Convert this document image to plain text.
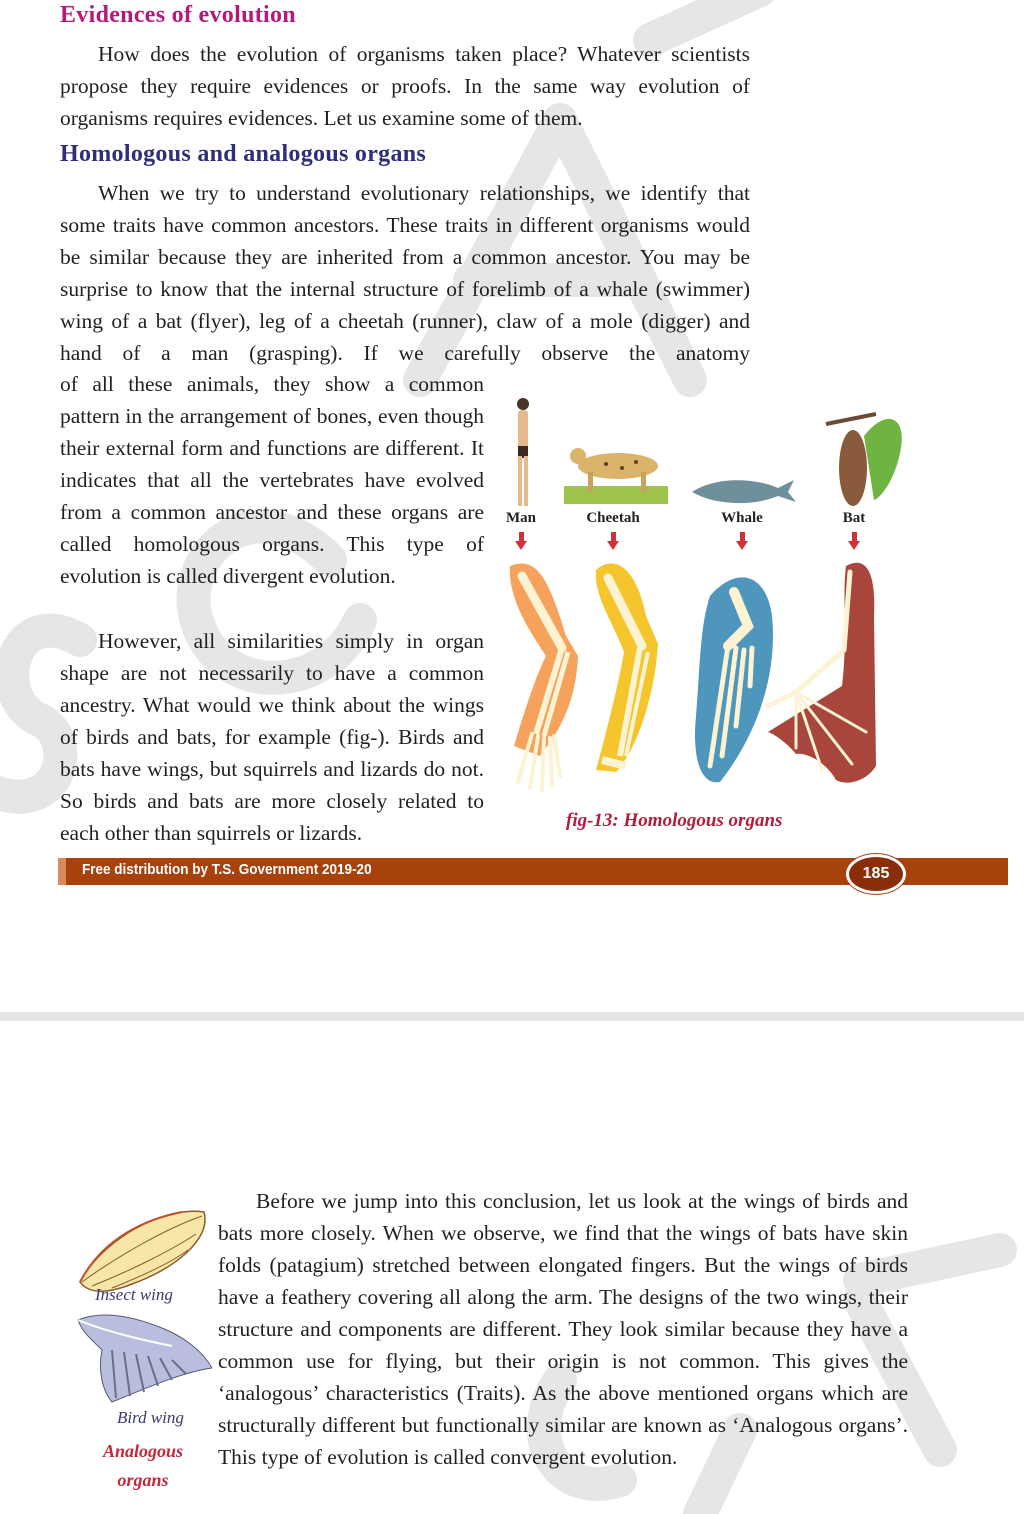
Evidences of evolution

How does the evolution of organisms taken place? Whatever scientists propose they require evidences or proofs. In the same way evolution of organisms requires evidences. Let us examine some of them.

Homologous and analogous organs

When we try to understand evolutionary relationships, we identify that some traits have common ancestors. These traits in different organisms would be similar because they are inherited from a common ancestor. You may be surprise to know that the internal structure of forelimb of a whale (swimmer) wing of a bat (flyer), leg of a cheetah (runner), claw of a mole (digger) and hand of a man (grasping). If we carefully observe the anatomy

of all these animals, they show a common pattern in the arrangement of bones, even though their external form and functions are different. It indicates that all the vertebrates have evolved from a common ancestor and these organs are called homologous organs. This type of evolution is called divergent evolution.

However, all similarities simply in organ shape are not necessarily to have a common ancestry. What would we think about the wings of birds and bats, for example (fig-). Birds and bats have wings, but squirrels and lizards do not. So birds and bats are more closely related to each other than squirrels or lizards.

Man	Cheetah	Whale	Bat
fig-13: Homologous organs
Free distribution by T.S. Government 2019-20	185
Insect wing
Bird wing
Analogous
organs

Before we jump into this conclusion, let us look at the wings of birds and bats more closely. When we observe, we find that the wings of bats have skin folds (patagium) stretched between elongated fingers. But the wings of birds have a feathery covering all along the arm. The designs of the two wings, their structure and components are different. They look similar because they have a common use for flying, but their origin is not common. This gives the ‘analogous’ characteristics (Traits). As the above mentioned organs which are structurally different but functionally similar are known as ‘Analogous organs’. This type of evolution is called convergent evolution.
